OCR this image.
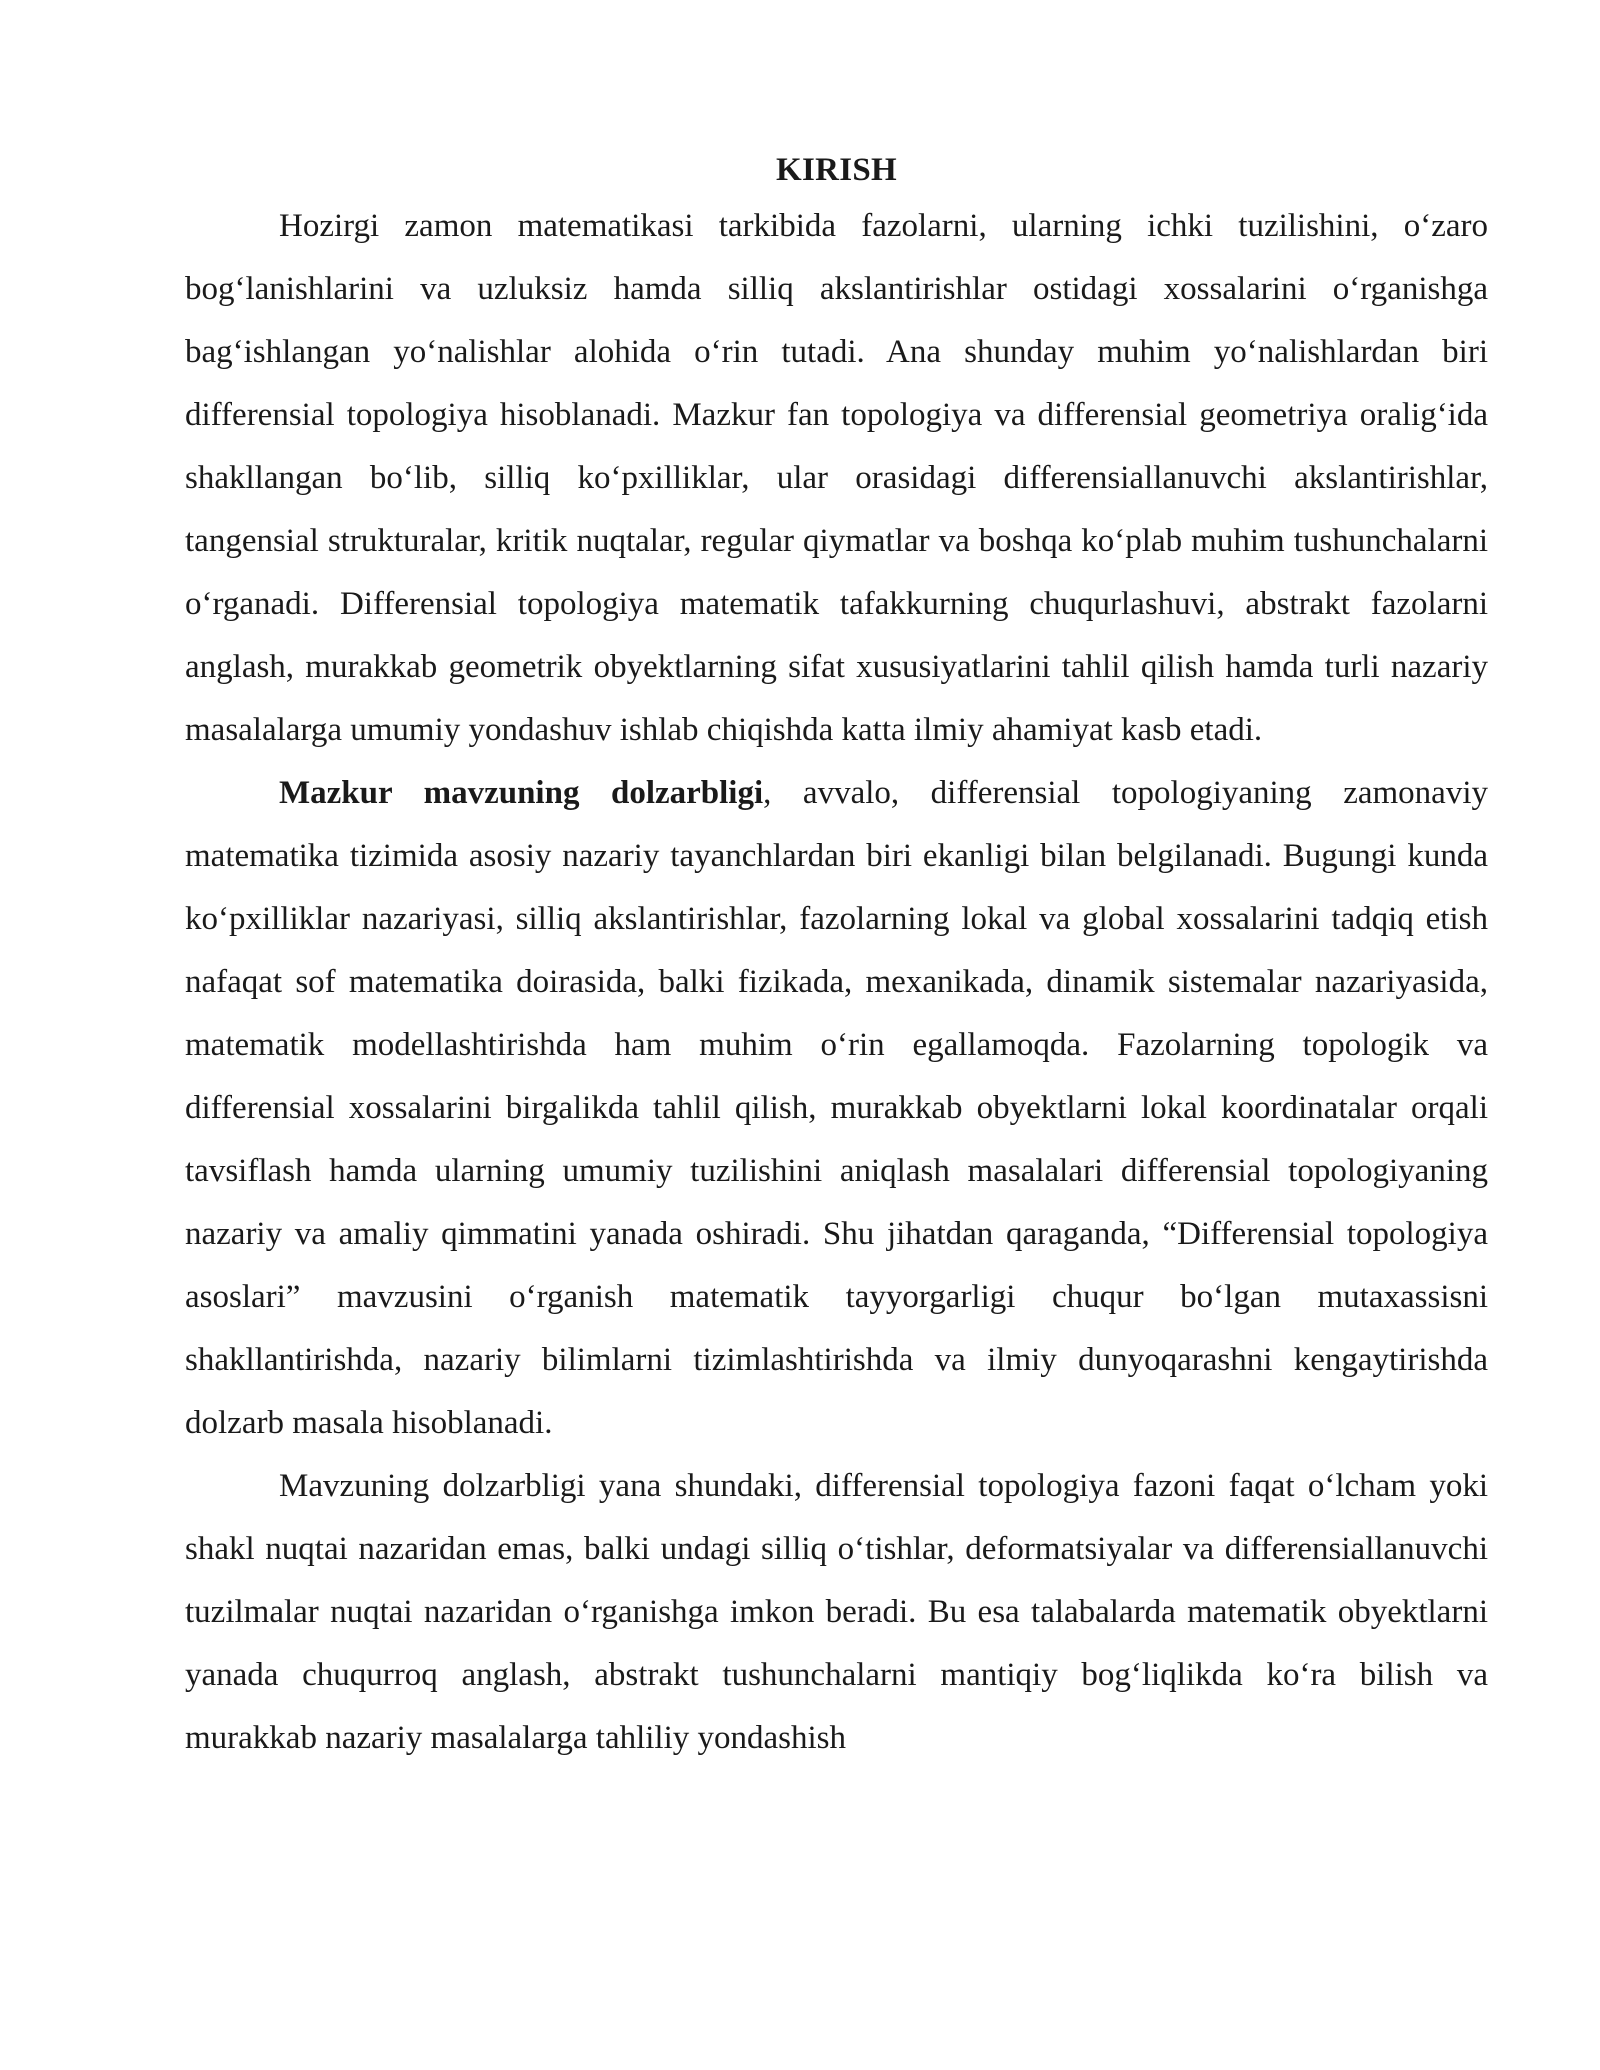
KIRISH

Hozirgi zamon matematikasi tarkibida fazolarni, ularning ichki tuzilishini, o‘zaro bog‘lanishlarini va uzluksiz hamda silliq akslantirishlar ostidagi xossalarini o‘rganishga bag‘ishlangan yo‘nalishlar alohida o‘rin tutadi. Ana shunday muhim yo‘nalishlardan biri differensial topologiya hisoblanadi. Mazkur fan topologiya va differensial geometriya oralig‘ida shakllangan bo‘lib, silliq ko‘pxilliklar, ular orasidagi differensiallanuvchi akslantirishlar, tangensial strukturalar, kritik nuqtalar, regular qiymatlar va boshqa ko‘plab muhim tushunchalarni o‘rganadi. Differensial topologiya matematik tafakkurning chuqurlashuvi, abstrakt fazolarni anglash, murakkab geometrik obyektlarning sifat xususiyatlarini tahlil qilish hamda turli nazariy masalalarga umumiy yondashuv ishlab chiqishda katta ilmiy ahamiyat kasb etadi.

Mazkur mavzuning dolzarbligi, avvalo, differensial topologiyaning zamonaviy matematika tizimida asosiy nazariy tayanchlardan biri ekanligi bilan belgilanadi. Bugungi kunda ko‘pxilliklar nazariyasi, silliq akslantirishlar, fazolarning lokal va global xossalarini tadqiq etish nafaqat sof matematika doirasida, balki fizikada, mexanikada, dinamik sistemalar nazariyasida, matematik modellashtirishda ham muhim o‘rin egallamoqda. Fazolarning topologik va differensial xossalarini birgalikda tahlil qilish, murakkab obyektlarni lokal koordinatalar orqali tavsiflash hamda ularning umumiy tuzilishini aniqlash masalalari differensial topologiyaning nazariy va amaliy qimmatini yanada oshiradi. Shu jihatdan qaraganda, “Differensial topologiya asoslari” mavzusini o‘rganish matematik tayyorgarligi chuqur bo‘lgan mutaxassisni shakllantirishda, nazariy bilimlarni tizimlashtirishda va ilmiy dunyoqarashni kengaytirishda dolzarb masala hisoblanadi.

Mavzuning dolzarbligi yana shundaki, differensial topologiya fazoni faqat o‘lcham yoki shakl nuqtai nazaridan emas, balki undagi silliq o‘tishlar, deformatsiyalar va differensiallanuvchi tuzilmalar nuqtai nazaridan o‘rganishga imkon beradi. Bu esa talabalarda matematik obyektlarni yanada chuqurroq anglash, abstrakt tushunchalarni mantiqiy bog‘liqlikda ko‘ra bilish va murakkab nazariy masalalarga tahliliy yondashish
